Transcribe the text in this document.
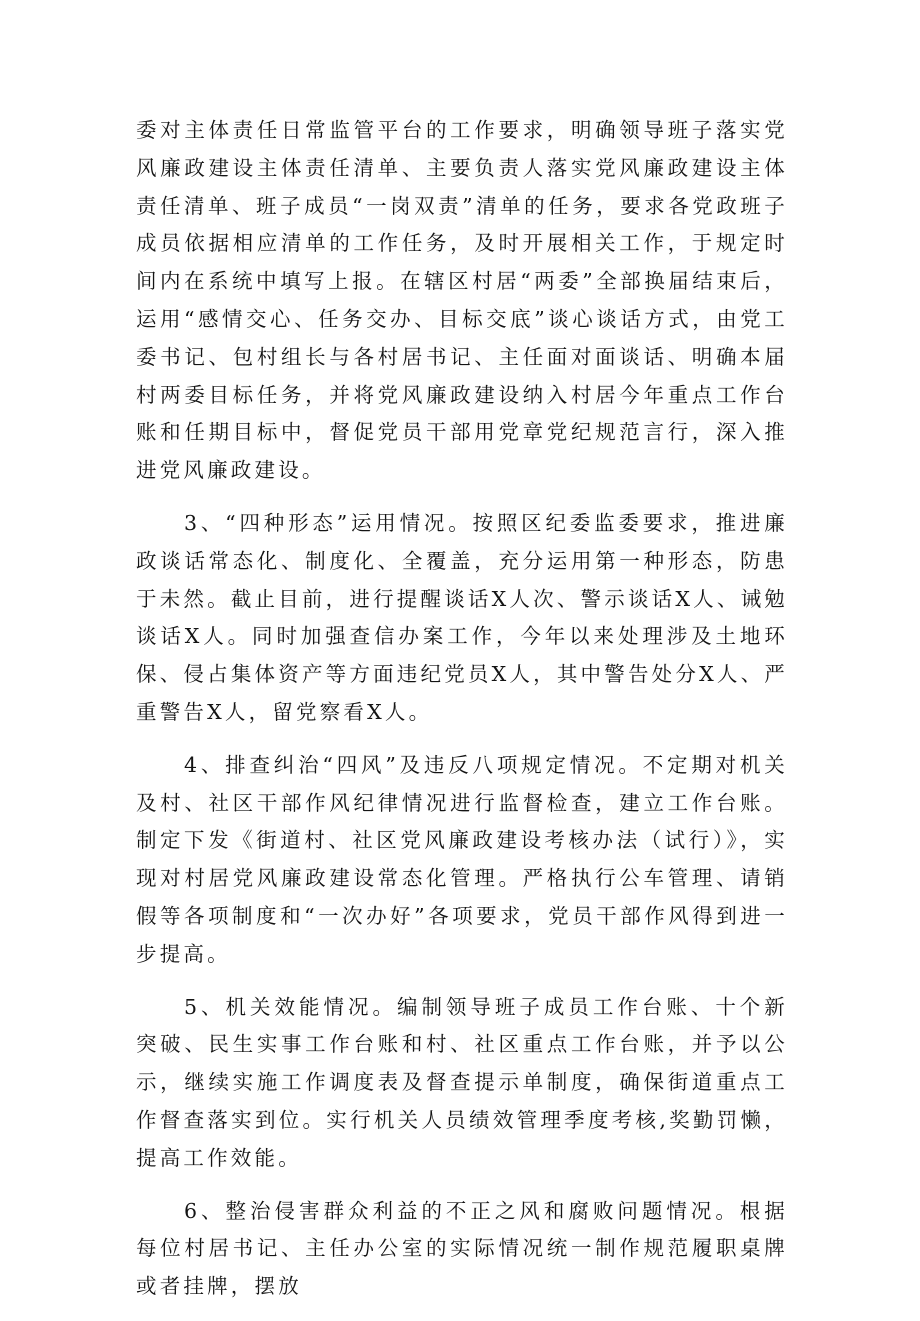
委对主体责任日常监管平台的工作要求，明确领导班子落实党风廉政建设主体责任清单、主要负责人落实党风廉政建设主体责任清单、班子成员“一岗双责”清单的任务，要求各党政班子成员依据相应清单的工作任务，及时开展相关工作，于规定时间内在系统中填写上报。在辖区村居“两委”全部换届结束后，运用“感情交心、任务交办、目标交底”谈心谈话方式，由党工委书记、包村组长与各村居书记、主任面对面谈话、明确本届村两委目标任务，并将党风廉政建设纳入村居今年重点工作台账和任期目标中，督促党员干部用党章党纪规范言行，深入推进党风廉政建设。

3、“四种形态”运用情况。按照区纪委监委要求，推进廉政谈话常态化、制度化、全覆盖，充分运用第一种形态，防患于未然。截止目前，进行提醒谈话X人次、警示谈话X人、诫勉谈话X人。同时加强查信办案工作，今年以来处理涉及土地环保、侵占集体资产等方面违纪党员X人，其中警告处分X人、严重警告X人，留党察看X人。

4、排查纠治“四风”及违反八项规定情况。不定期对机关及村、社区干部作风纪律情况进行监督检查，建立工作台账。制定下发《街道村、社区党风廉政建设考核办法（试行）》，实现对村居党风廉政建设常态化管理。严格执行公车管理、请销假等各项制度和“一次办好”各项要求，党员干部作风得到进一步提高。

5、机关效能情况。编制领导班子成员工作台账、十个新突破、民生实事工作台账和村、社区重点工作台账，并予以公示，继续实施工作调度表及督查提示单制度，确保街道重点工作督查落实到位。实行机关人员绩效管理季度考核,奖勤罚懒，提高工作效能。

6、整治侵害群众利益的不正之风和腐败问题情况。根据每位村居书记、主任办公室的实际情况统一制作规范履职桌牌或者挂牌，摆放
